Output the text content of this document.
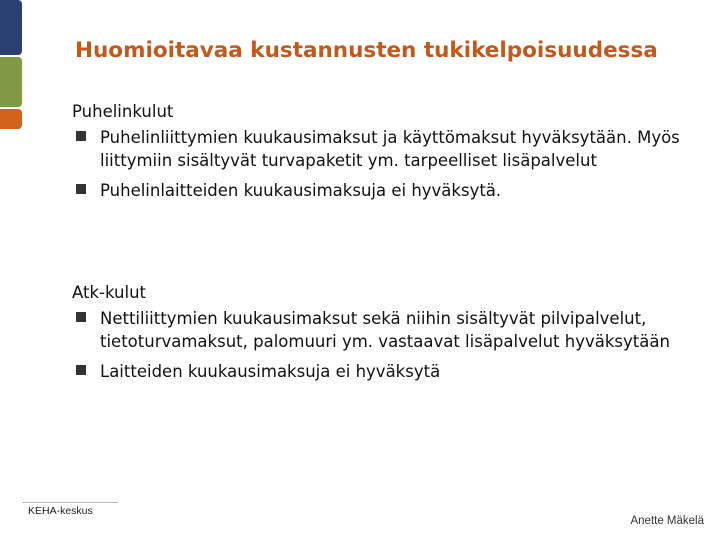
Huomioitavaa kustannusten tukikelpoisuudessa
Puhelinkulut
Puhelinliittymien kuukausimaksut ja käyttömaksut hyväksytään. Myös liittymiin sisältyvät turvapaketit ym. tarpeelliset lisäpalvelut
Puhelinlaitteiden kuukausimaksuja ei hyväksytä.
Atk-kulut
Nettiliittymien kuukausimaksut sekä niihin sisältyvät pilvipalvelut, tietoturvamaksut, palomuuri ym. vastaavat lisäpalvelut hyväksytään
Laitteiden kuukausimaksuja ei hyväksytä
KEHA-keskus
Anette Mäkelä
